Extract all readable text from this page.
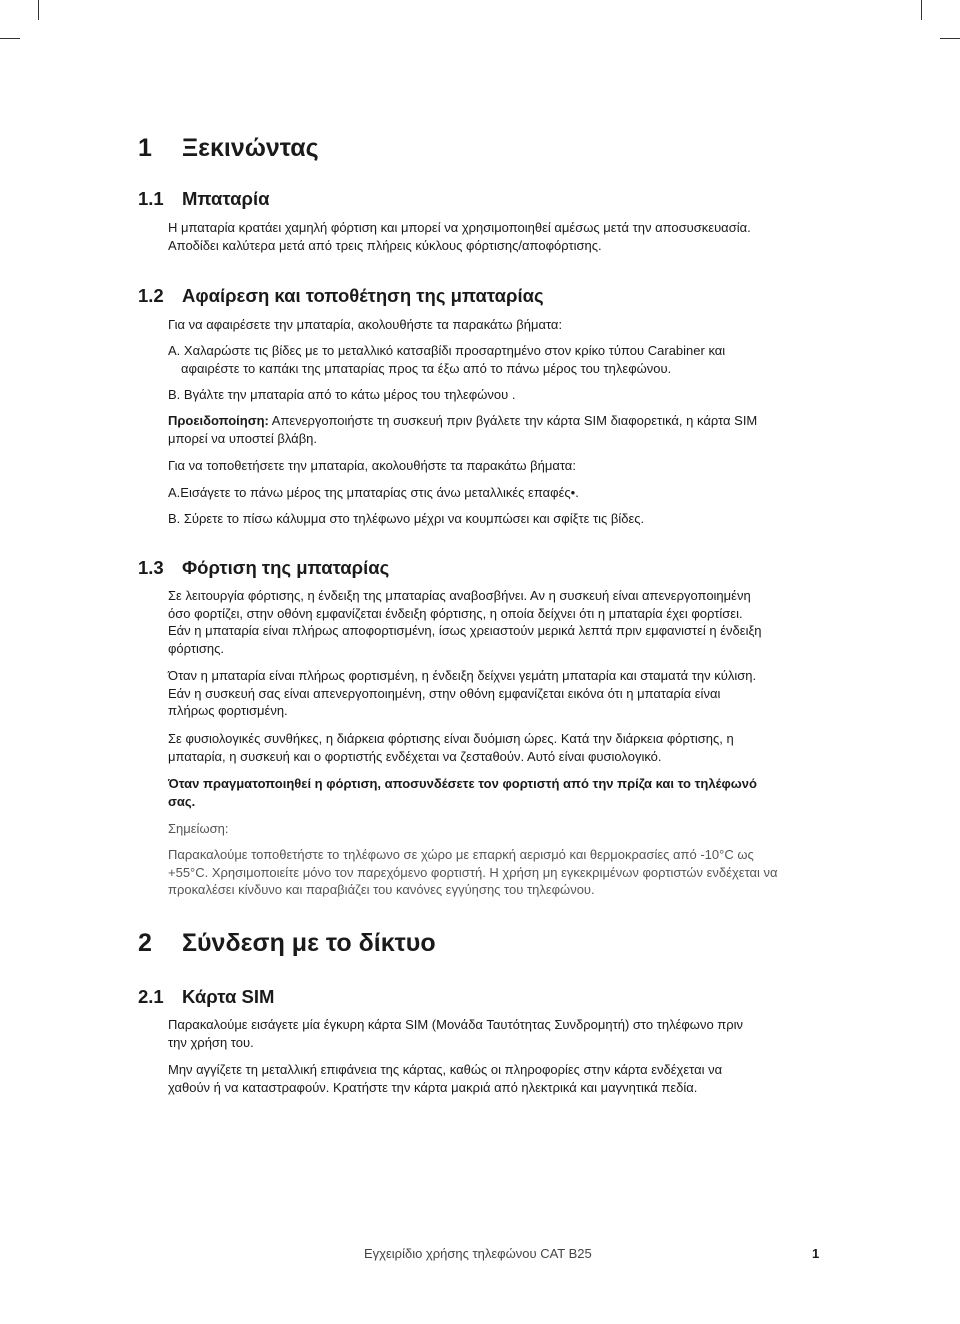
1 Ξεκινώντας
1.1 Μπαταρία
Η μπαταρία κρατάει χαμηλή φόρτιση και μπορεί να χρησιμοποιηθεί αμέσως μετά την αποσυσκευασία.
Αποδίδει καλύτερα μετά από τρεις πλήρεις κύκλους φόρτισης/αποφόρτισης.
1.2 Αφαίρεση και τοποθέτηση της μπαταρίας
Για να αφαιρέσετε την μπαταρία, ακολουθήστε τα παρακάτω βήματα:
Α. Χαλαρώστε τις βίδες με το μεταλλικό κατσαβίδι προσαρτημένο στον κρίκο τύπου Carabiner και
αφαιρέστε το καπάκι της μπαταρίας προς τα έξω από το πάνω μέρος του τηλεφώνου.
Β. Βγάλτε την μπαταρία από το κάτω μέρος του τηλεφώνου .
Προειδοποίηση: Απενεργοποιήστε τη συσκευή πριν βγάλετε την κάρτα SIM διαφορετικά, η κάρτα SIM
μπορεί να υποστεί βλάβη.
Για να τοποθετήσετε την μπαταρία, ακολουθήστε τα παρακάτω βήματα:
Α.Εισάγετε το πάνω μέρος της μπαταρίας στις άνω μεταλλικές επαφές•.
Β. Σύρετε το πίσω κάλυμμα στο τηλέφωνο μέχρι να κουμπώσει και σφίξτε τις βίδες.
1.3 Φόρτιση της μπαταρίας
Σε λειτουργία φόρτισης, η ένδειξη της μπαταρίας αναβοσβήνει. Αν η συσκευή είναι απενεργοποιημένη
όσο φορτίζει, στην οθόνη εμφανίζεται ένδειξη φόρτισης, η οποία δείχνει ότι η μπαταρία έχει φορτίσει.
Εάν η μπαταρία είναι πλήρως αποφορτισμένη, ίσως χρειαστούν μερικά λεπτά πριν εμφανιστεί η ένδειξη
φόρτισης.
Όταν η μπαταρία είναι πλήρως φορτισμένη, η ένδειξη δείχνει γεμάτη μπαταρία και σταματά την κύλιση.
Εάν η συσκευή σας είναι απενεργοποιημένη, στην οθόνη εμφανίζεται εικόνα ότι η μπαταρία είναι
πλήρως φορτισμένη.
Σε φυσιολογικές συνθήκες, η διάρκεια φόρτισης είναι δυόμιση ώρες. Κατά την διάρκεια φόρτισης, η
μπαταρία, η συσκευή και ο φορτιστής ενδέχεται να ζεσταθούν. Αυτό είναι φυσιολογικό.
Όταν πραγματοποιηθεί η φόρτιση, αποσυνδέσετε τον φορτιστή από την πρίζα και το τηλέφωνό
σας.
Σημείωση:
Παρακαλούμε τοποθετήστε το τηλέφωνο σε χώρο με επαρκή αερισμό και θερμοκρασίες από -10°C ως
+55°C. Χρησιμοποιείτε μόνο τον παρεχόμενο φορτιστή. Η χρήση μη εγκεκριμένων φορτιστών ενδέχεται να
προκαλέσει κίνδυνο και παραβιάζει του κανόνες εγγύησης του τηλεφώνου.
2 Σύνδεση με το δίκτυο
2.1 Κάρτα SIM
Παρακαλούμε εισάγετε μία έγκυρη κάρτα SIM (Μονάδα Ταυτότητας Συνδρομητή) στο τηλέφωνο πριν
την χρήση του.
Μην αγγίζετε τη μεταλλική επιφάνεια της κάρτας, καθώς οι πληροφορίες στην κάρτα ενδέχεται να
χαθούν ή να καταστραφούν. Κρατήστε την κάρτα μακριά από ηλεκτρικά και μαγνητικά πεδία.
Εγχειρίδιο χρήσης τηλεφώνου CAT B25	1
